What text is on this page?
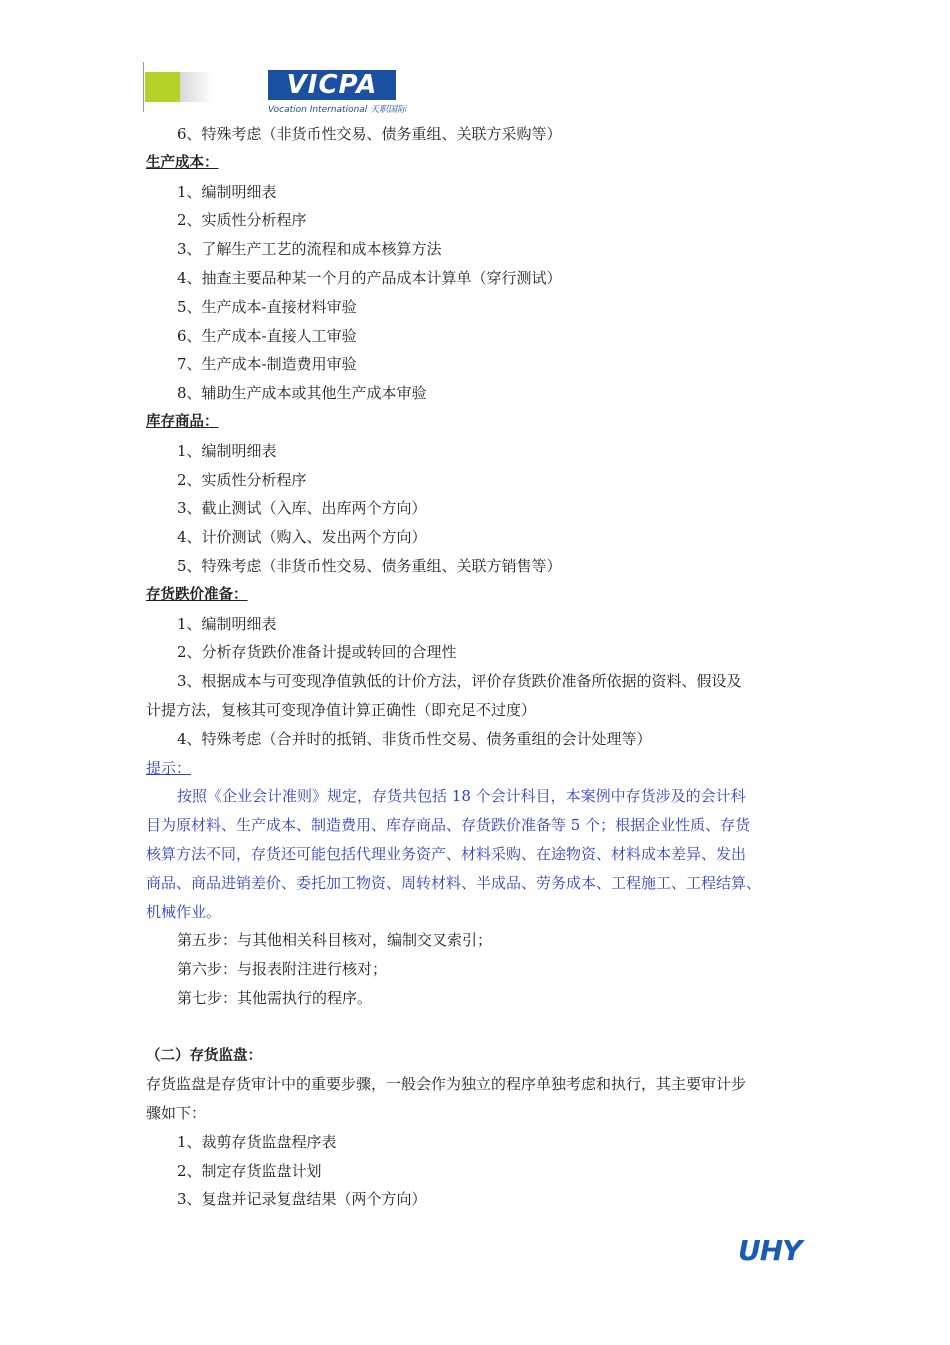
VICPA
Vocation International 天职国际
6、特殊考虑（非货币性交易、债务重组、关联方采购等）
生产成本：
1、编制明细表
2、实质性分析程序
3、了解生产工艺的流程和成本核算方法
4、抽查主要品种某一个月的产品成本计算单（穿行测试）
5、生产成本-直接材料审验
6、生产成本-直接人工审验
7、生产成本-制造费用审验
8、辅助生产成本或其他生产成本审验
库存商品：
1、编制明细表
2、实质性分析程序
3、截止测试（入库、出库两个方向）
4、计价测试（购入、发出两个方向）
5、特殊考虑（非货币性交易、债务重组、关联方销售等）
存货跌价准备：
1、编制明细表
2、分析存货跌价准备计提或转回的合理性
3、根据成本与可变现净值孰低的计价方法，评价存货跌价准备所依据的资料、假设及
计提方法，复核其可变现净值计算正确性（即充足不过度）
4、特殊考虑（合并时的抵销、非货币性交易、债务重组的会计处理等）
提示：
按照《企业会计准则》规定，存货共包括 18 个会计科目，本案例中存货涉及的会计科
目为原材料、生产成本、制造费用、库存商品、存货跌价准备等 5 个；根据企业性质、存货
核算方法不同，存货还可能包括代理业务资产、材料采购、在途物资、材料成本差异、发出
商品、商品进销差价、委托加工物资、周转材料、半成品、劳务成本、工程施工、工程结算、
机械作业。
第五步：与其他相关科目核对，编制交叉索引；
第六步：与报表附注进行核对；
第七步：其他需执行的程序。
（二）存货监盘：
存货监盘是存货审计中的重要步骤，一般会作为独立的程序单独考虑和执行，其主要审计步
骤如下：
1、裁剪存货监盘程序表
2、制定存货监盘计划
3、复盘并记录复盘结果（两个方向）
UHY
